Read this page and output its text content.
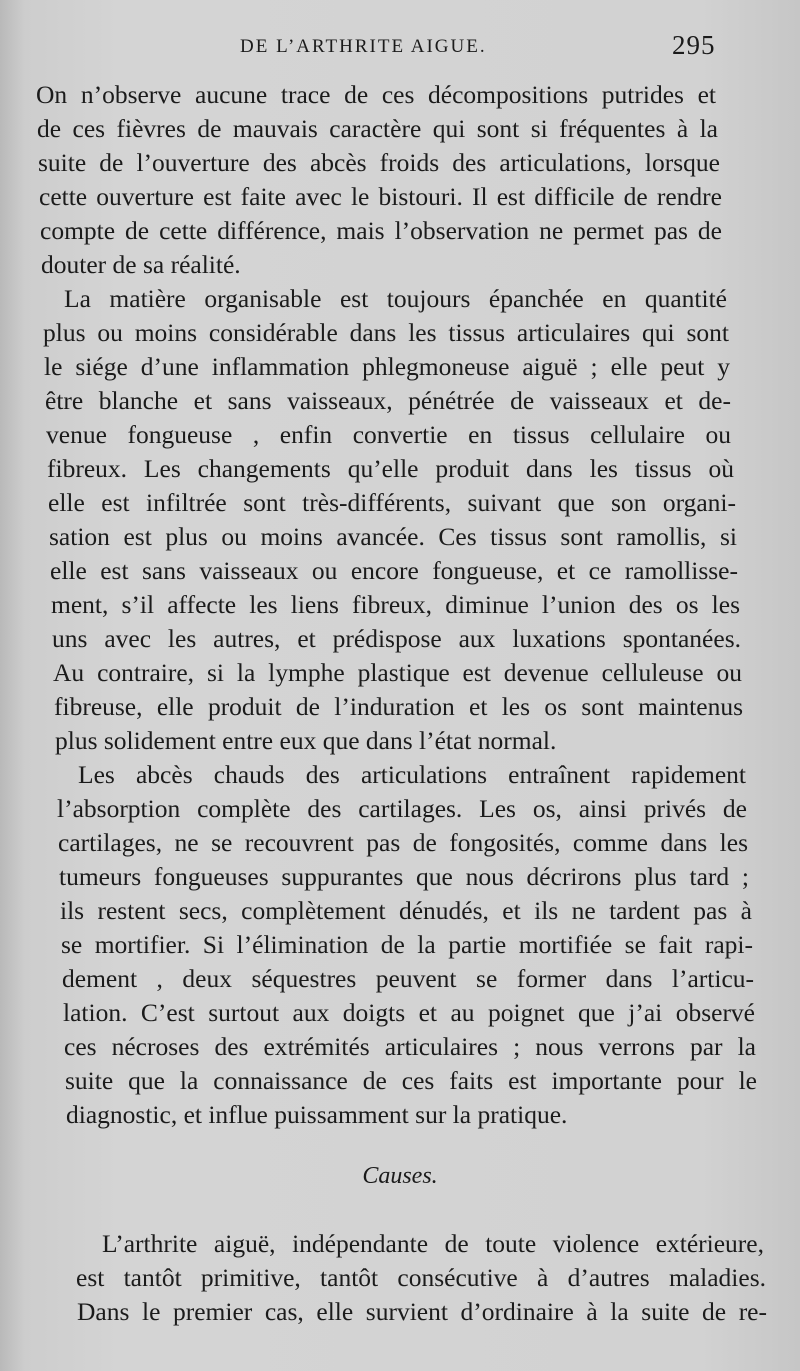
DE L’ARTHRITE AIGUE.	295
On n’observe aucune trace de ces décompositions putrides et
de ces fièvres de mauvais caractère qui sont si fréquentes à la
suite de l’ouverture des abcès froids des articulations, lorsque
cette ouverture est faite avec le bistouri. Il est difficile de rendre
compte de cette différence, mais l’observation ne permet pas de
douter de sa réalité.
La matière organisable est toujours épanchée en quantité
plus ou moins considérable dans les tissus articulaires qui sont
le siége d’une inflammation phlegmoneuse aiguë ; elle peut y
être blanche et sans vaisseaux, pénétrée de vaisseaux et de-
venue fongueuse , enfin convertie en tissus cellulaire ou
fibreux. Les changements qu’elle produit dans les tissus où
elle est infiltrée sont très-différents, suivant que son organi-
sation est plus ou moins avancée. Ces tissus sont ramollis, si
elle est sans vaisseaux ou encore fongueuse, et ce ramollisse-
ment, s’il affecte les liens fibreux, diminue l’union des os les
uns avec les autres, et prédispose aux luxations spontanées.
Au contraire, si la lymphe plastique est devenue celluleuse ou
fibreuse, elle produit de l’induration et les os sont maintenus
plus solidement entre eux que dans l’état normal.
Les abcès chauds des articulations entraînent rapidement
l’absorption complète des cartilages. Les os, ainsi privés de
cartilages, ne se recouvrent pas de fongosités, comme dans les
tumeurs fongueuses suppurantes que nous décrirons plus tard ;
ils restent secs, complètement dénudés, et ils ne tardent pas à
se mortifier. Si l’élimination de la partie mortifiée se fait rapi-
dement , deux séquestres peuvent se former dans l’articu-
lation. C’est surtout aux doigts et au poignet que j’ai observé
ces nécroses des extrémités articulaires ; nous verrons par la
suite que la connaissance de ces faits est importante pour le
diagnostic, et influe puissamment sur la pratique.
Causes.
L’arthrite aiguë, indépendante de toute violence extérieure,
est tantôt primitive, tantôt consécutive à d’autres maladies.
Dans le premier cas, elle survient d’ordinaire à la suite de re-
